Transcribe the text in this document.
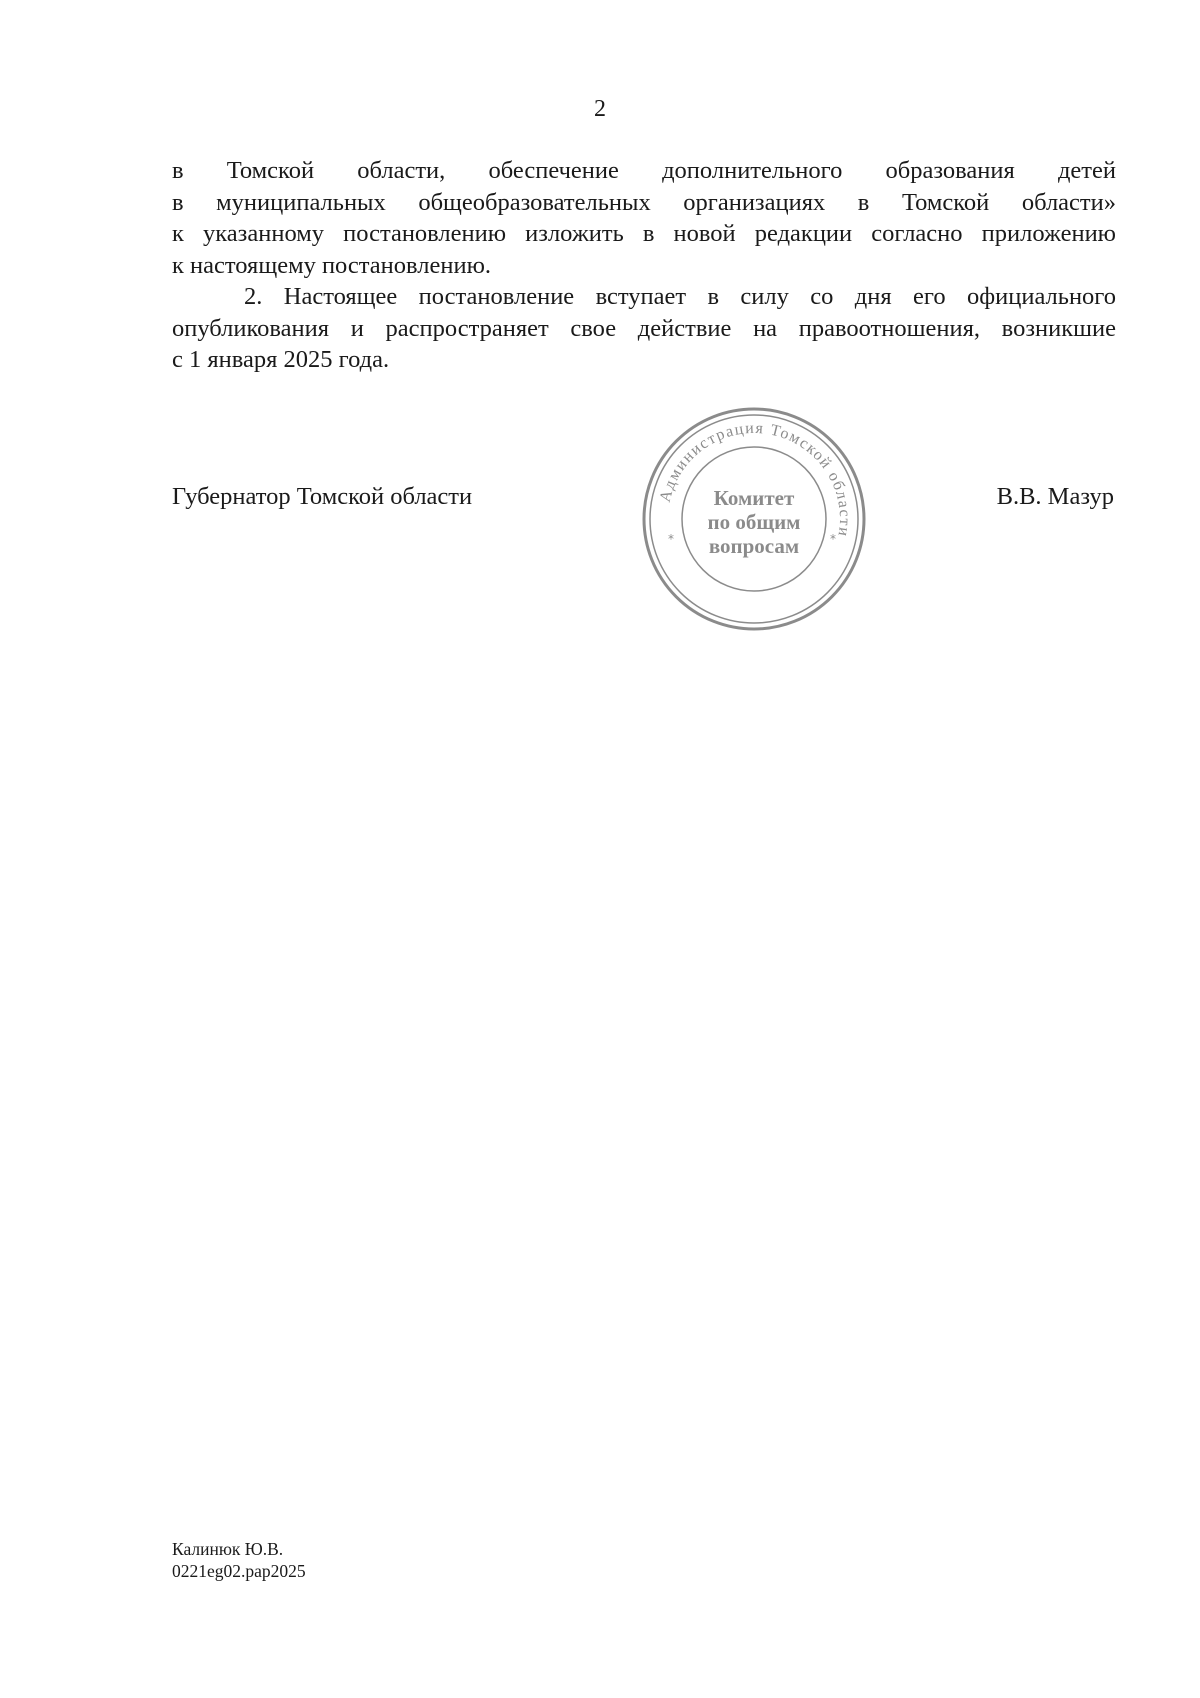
2

в Томской области, обеспечение дополнительного образования детей
в муниципальных общеобразовательных организациях в Томской области»
к указанному постановлению изложить в новой редакции согласно приложению
к настоящему постановлению.

2. Настоящее постановление вступает в силу со дня его официального
опубликования и распространяет свое действие на правоотношения, возникшие
с 1 января 2025 года.

Губернатор Томской области	Администрация Томской области
*	*
Комитет
по общим
вопросам
В.В. Мазур
Калинюк Ю.В.
0221eg02.pap2025
